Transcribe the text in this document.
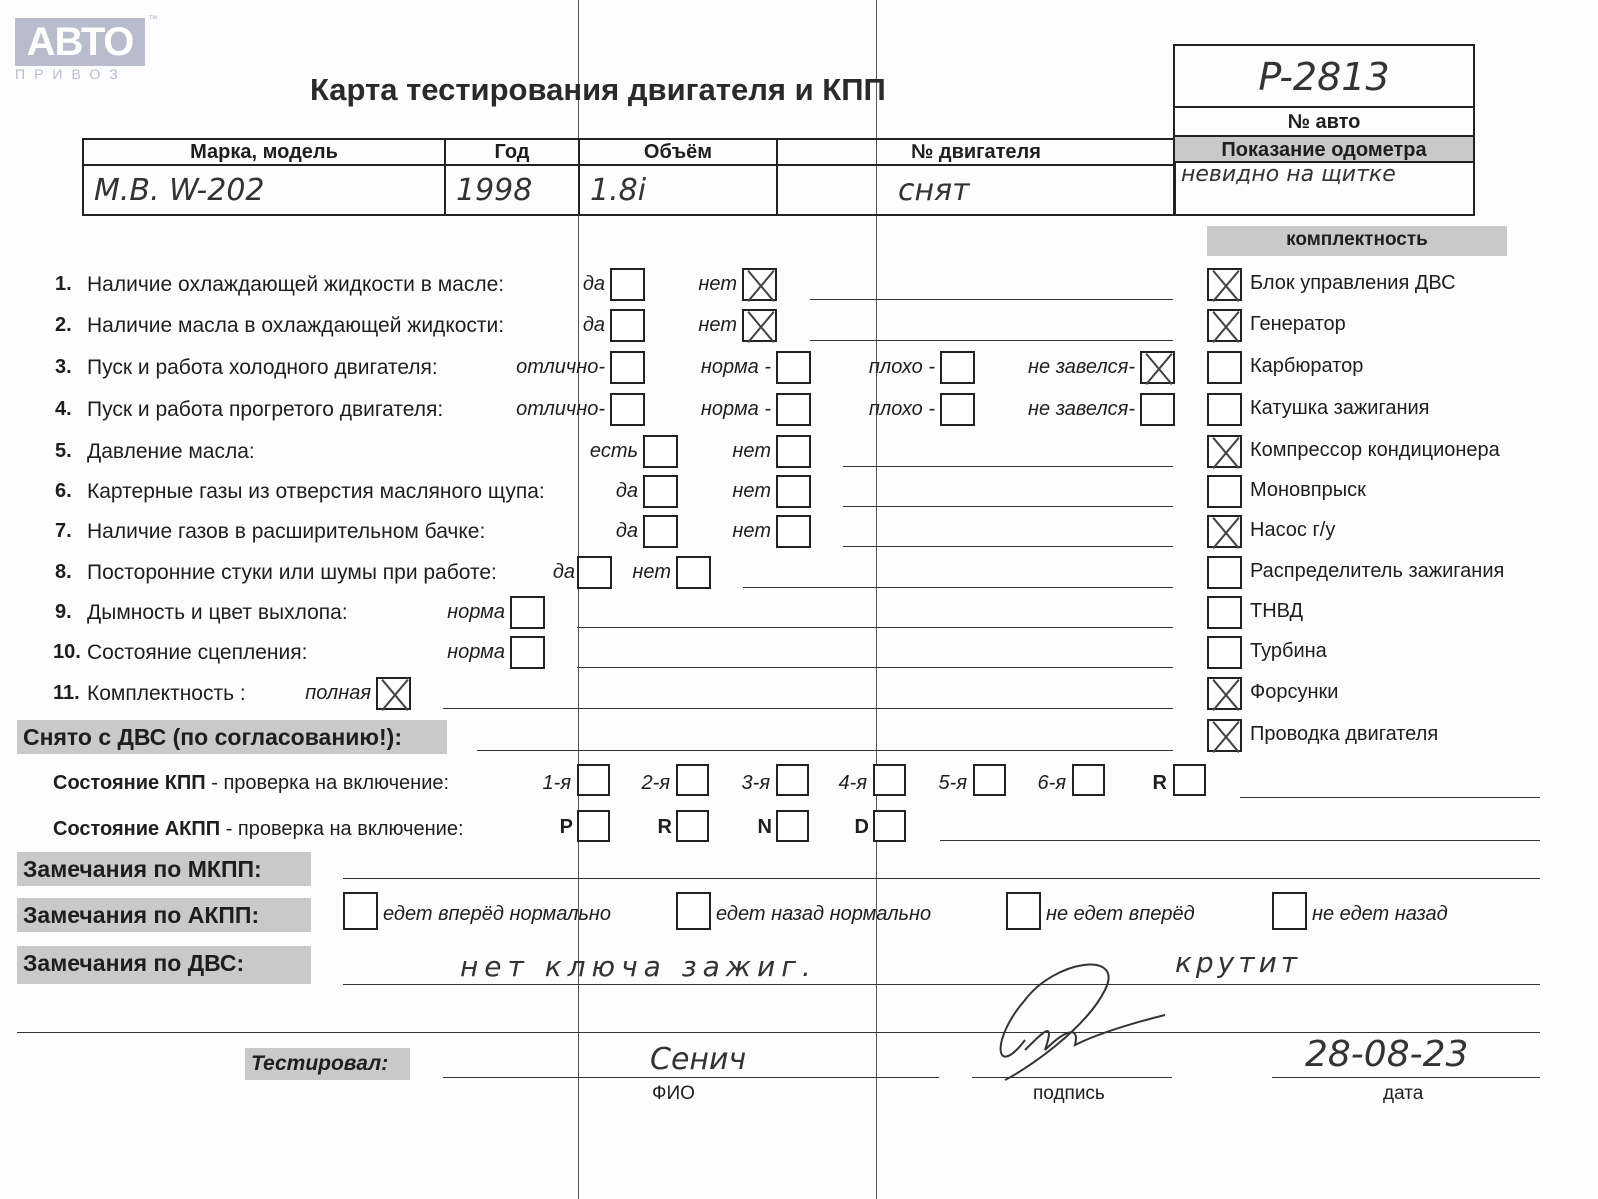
АВТО
ПРИВОЗ
™
Карта тестирования двигателя и КПП
Марка, модель	Год	Объём	№ двигателя
M.B. W-202	1998	1.8i	снят
P-2813
№ авто
Показание одометра
невидно на щитке
комплектность
1. Наличие охлаждающей жидкости в масле:	да	нет
2. Наличие масла в охлаждающей жидкости:	да	нет
3. Пуск и работа холодного двигателя:	отлично-	норма -	плохо -	не завелся-
4. Пуск и работа прогретого двигателя:	отлично-	норма -	плохо -	не завелся-
5. Давление масла:	есть	нет
6. Картерные газы из отверстия масляного щупа:	да	нет
7. Наличие газов в расширительном бачке:	да	нет
8. Посторонние стуки или шумы при работе:	да	нет
9. Дымность и цвет выхлопа:	норма
10. Состояние сцепления:	норма
11. Комплектность :	полная
Блок управления ДВС
Генератор
Карбюратор
Катушка зажигания
Компрессор кондиционера
Моновпрыск
Насос г/у
Распределитель зажигания
ТНВД
Турбина
Форсунки
Проводка двигателя
Снято с ДВС (по согласованию!):
Состояние КПП - проверка на включение:
Состояние АКПП - проверка на включение:
1-я	2-я	3-я	4-я	5-я	6-я	R
P	R	N	D
Замечания по МКПП:
Замечания по АКПП:	едет вперёд нормально	едет назад нормально	не едет вперёд	не едет назад
Замечания по ДВС:	нет ключа зажиг.	крутит
Тестировал:	Сенич
ФИО	подпись
28-08-23
дата
